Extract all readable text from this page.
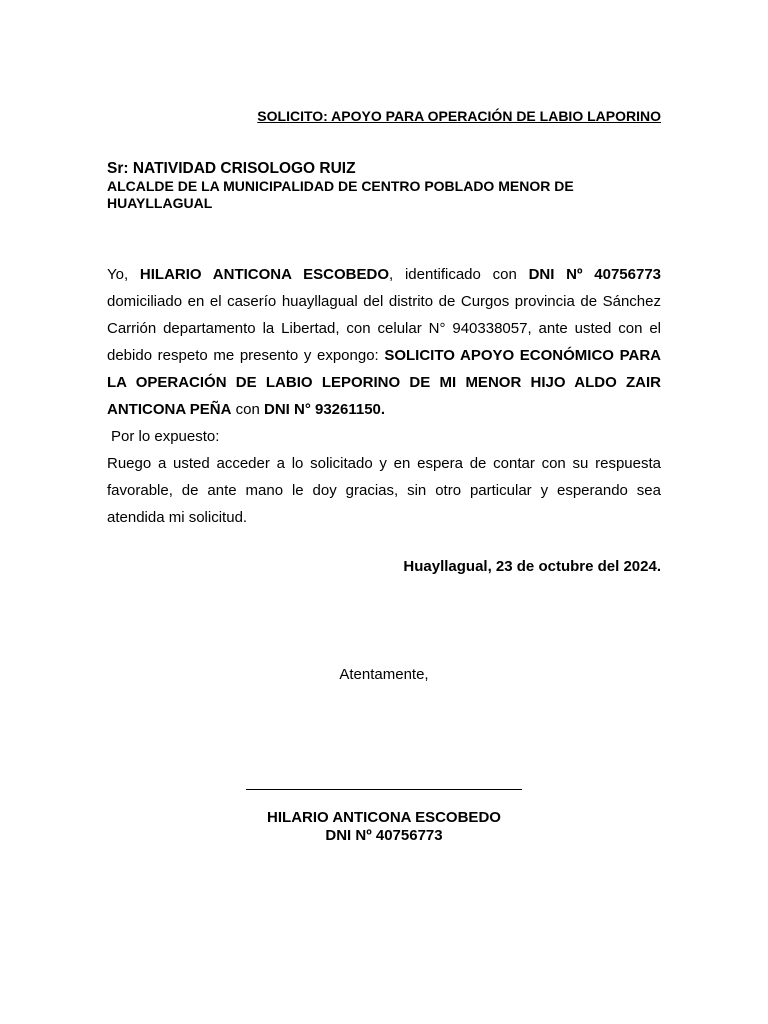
SOLICITO: APOYO PARA OPERACIÓN DE LABIO LAPORINO
Sr: NATIVIDAD CRISOLOGO RUIZ
ALCALDE DE LA MUNICIPALIDAD DE CENTRO POBLADO MENOR DE HUAYLLAGUAL

Yo, HILARIO ANTICONA ESCOBEDO, identificado con DNI Nº 40756773 domiciliado en el caserío huayllagual del distrito de Curgos provincia de Sánchez Carrión departamento la Libertad, con celular N° 940338057, ante usted con el debido respeto me presento y expongo: SOLICITO APOYO ECONÓMICO PARA LA OPERACIÓN DE LABIO LEPORINO DE MI MENOR HIJO ALDO ZAIR ANTICONA PEÑA con DNI N° 93261150.

Por lo expuesto:

Ruego a usted acceder a lo solicitado y en espera de contar con su respuesta favorable, de ante mano le doy gracias, sin otro particular y esperando sea atendida mi solicitud.

Huayllagual, 23 de octubre del 2024.
Atentamente,
HILARIO ANTICONA ESCOBEDO
DNI Nº 40756773
